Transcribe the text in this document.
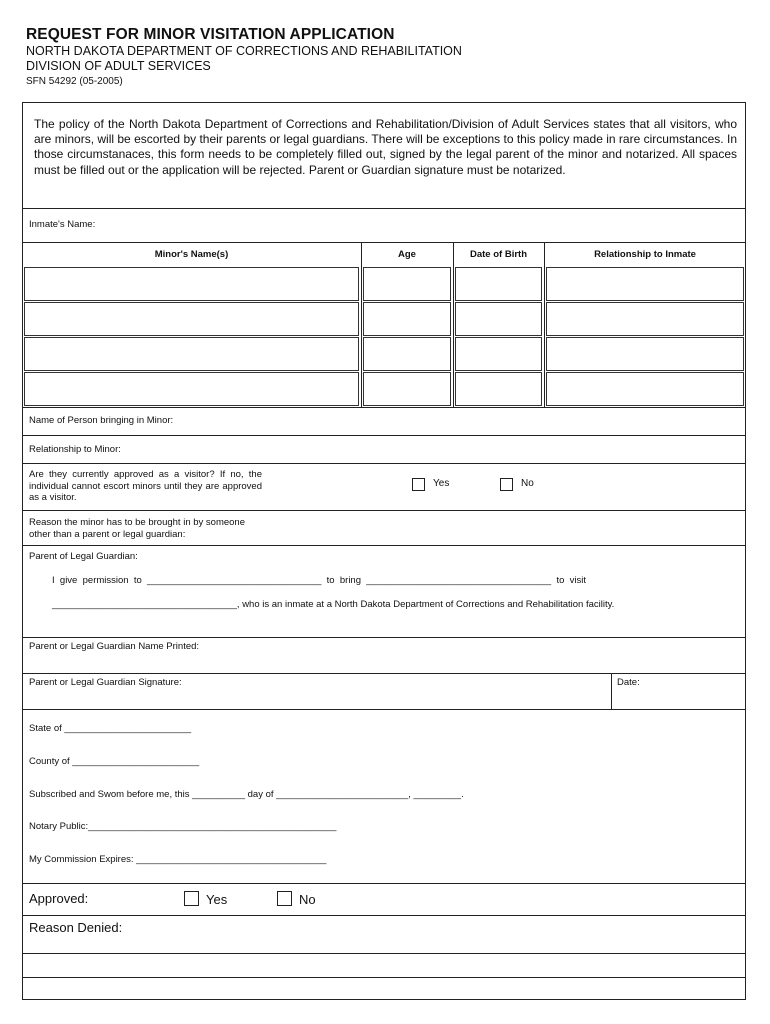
REQUEST FOR MINOR VISITATION APPLICATION
NORTH DAKOTA DEPARTMENT OF CORRECTIONS AND REHABILITATION
DIVISION OF ADULT SERVICES
SFN 54292 (05-2005)
The policy of the North Dakota Department of Corrections and Rehabilitation/Division of Adult Services states that all visitors, who are minors, will be escorted by their parents or legal guardians. There will be exceptions to this policy made in rare circumstances. In those circumstanaces, this form needs to be completely filled out, signed by the legal parent of the minor and notarized. All spaces must be filled out or the application will be rejected. Parent or Guardian signature must be notarized.
Inmate's Name:
Minor's Name(s)	Age	Date of Birth	Relationship to Inmate
Name of Person bringing in Minor:
Relationship to Minor:
Are they currently approved as a visitor? If no, the individual cannot escort minors until they are approved as a visitor.
Yes	No
Reason the minor has to be brought in by someone other than a parent or legal guardian:
Parent of Legal Guardian:
I  give  permission  to  _________________________________  to  bring  ___________________________________  to  visit
___________________________________, who is an inmate at a North Dakota Department of Corrections and Rehabilitation facility.
Parent or Legal Guardian Name Printed:
Parent or Legal Guardian Signature:	Date:
State of ________________________
County of ________________________
Subscribed and Swom before me, this __________ day of _________________________, _________.
Notary Public:_______________________________________________
My Commission Expires: ____________________________________
Approved:	Yes	No
Reason Denied:
